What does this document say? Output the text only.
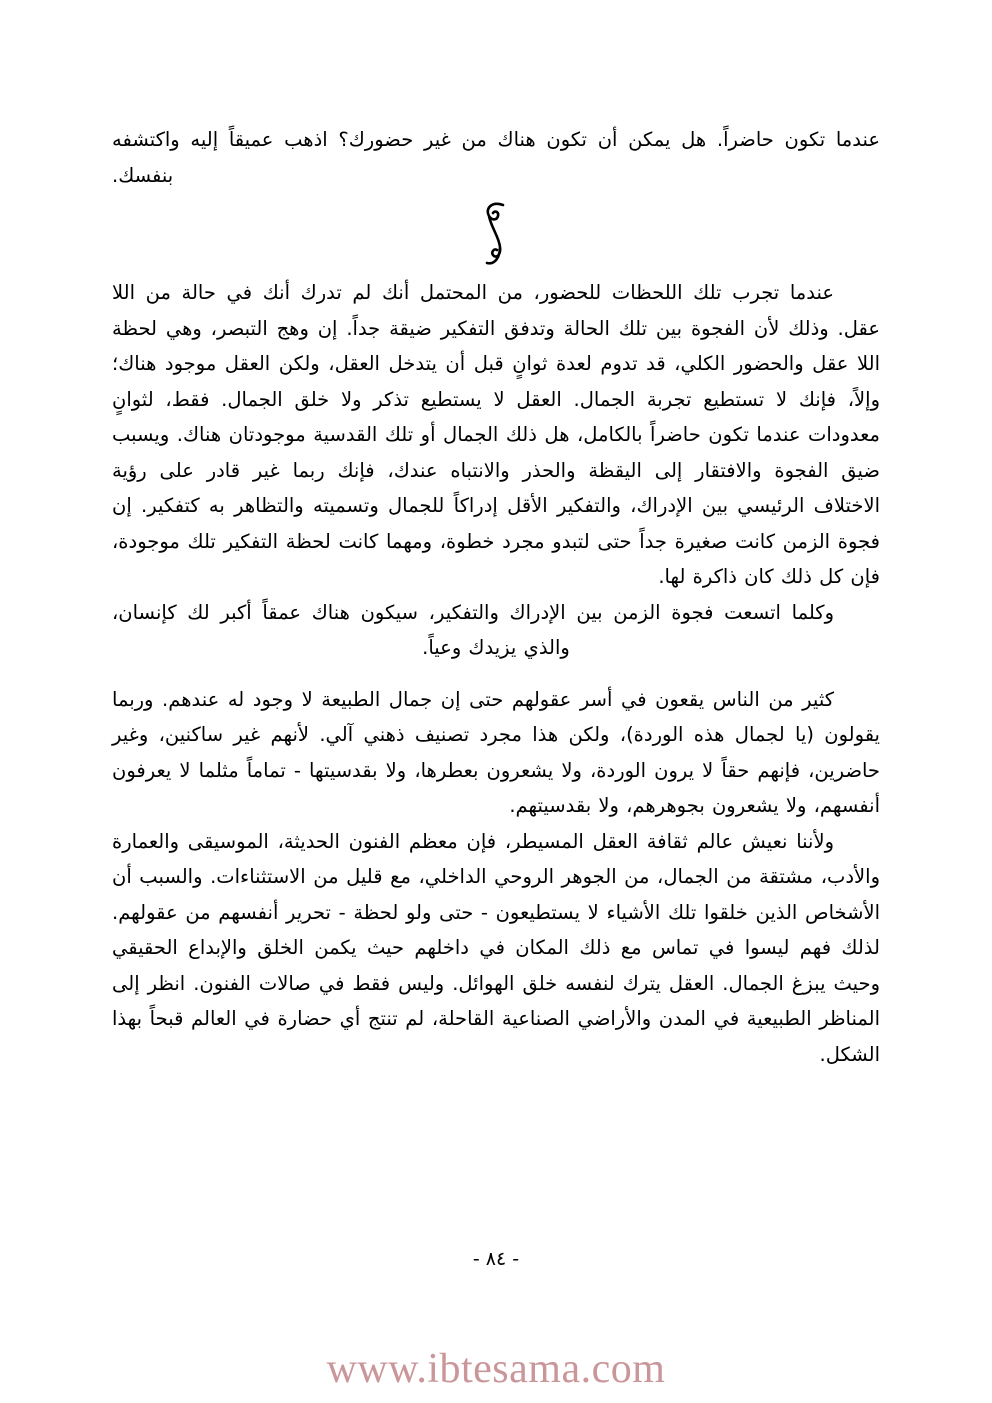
عندما تكون حاضراً. هل يمكن أن تكون هناك من غير حضورك؟ اذهب عميقاً إليه واكتشفه بنفسك.

عندما تجرب تلك اللحظات للحضور، من المحتمل أنك لم تدرك أنك في حالة من اللا عقل. وذلك لأن الفجوة بين تلك الحالة وتدفق التفكير ضيقة جداً. إن وهج التبصر، وهي لحظة اللا عقل والحضور الكلي، قد تدوم لعدة ثوانٍ قبل أن يتدخل العقل، ولكن العقل موجود هناك؛ وإلاً، فإنك لا تستطيع تجربة الجمال. العقل لا يستطيع تذكر ولا خلق الجمال. فقط، لثوانٍ معدودات عندما تكون حاضراً بالكامل، هل ذلك الجمال أو تلك القدسية موجودتان هناك. ويسبب ضيق الفجوة والافتقار إلى اليقظة والحذر والانتباه عندك، فإنك ربما غير قادر على رؤية الاختلاف الرئيسي بين الإدراك، والتفكير الأقل إدراكاً للجمال وتسميته والتظاهر به كتفكير. إن فجوة الزمن كانت صغيرة جداً حتى لتبدو مجرد خطوة، ومهما كانت لحظة التفكير تلك موجودة، فإن كل ذلك كان ذاكرة لها.

وكلما اتسعت فجوة الزمن بين الإدراك والتفكير، سيكون هناك عمقاً أكبر لك كإنسان، والذي يزيدك وعياً.

كثير من الناس يقعون في أسر عقولهم حتى إن جمال الطبيعة لا وجود له عندهم. وربما يقولون (يا لجمال هذه الوردة)، ولكن هذا مجرد تصنيف ذهني آلي. لأنهم غير ساكنين، وغير حاضرين، فإنهم حقاً لا يرون الوردة، ولا يشعرون بعطرها، ولا بقدسيتها - تماماً مثلما لا يعرفون أنفسهم، ولا يشعرون بجوهرهم، ولا بقدسيتهم.

ولأننا نعيش عالم ثقافة العقل المسيطر، فإن معظم الفنون الحديثة، الموسيقى والعمارة والأدب، مشتقة من الجمال، من الجوهر الروحي الداخلي، مع قليل من الاستثناءات. والسبب أن الأشخاص الذين خلقوا تلك الأشياء لا يستطيعون - حتى ولو لحظة - تحرير أنفسهم من عقولهم. لذلك فهم ليسوا في تماس مع ذلك المكان في داخلهم حيث يكمن الخلق والإبداع الحقيقي وحيث يبزغ الجمال. العقل يترك لنفسه خلق الهوائل. وليس فقط في صالات الفنون. انظر إلى المناظر الطبيعية في المدن والأراضي الصناعية القاحلة، لم تنتج أي حضارة في العالم قبحاً بهذا الشكل.

- ٨٤ -
www.ibtesama.com
